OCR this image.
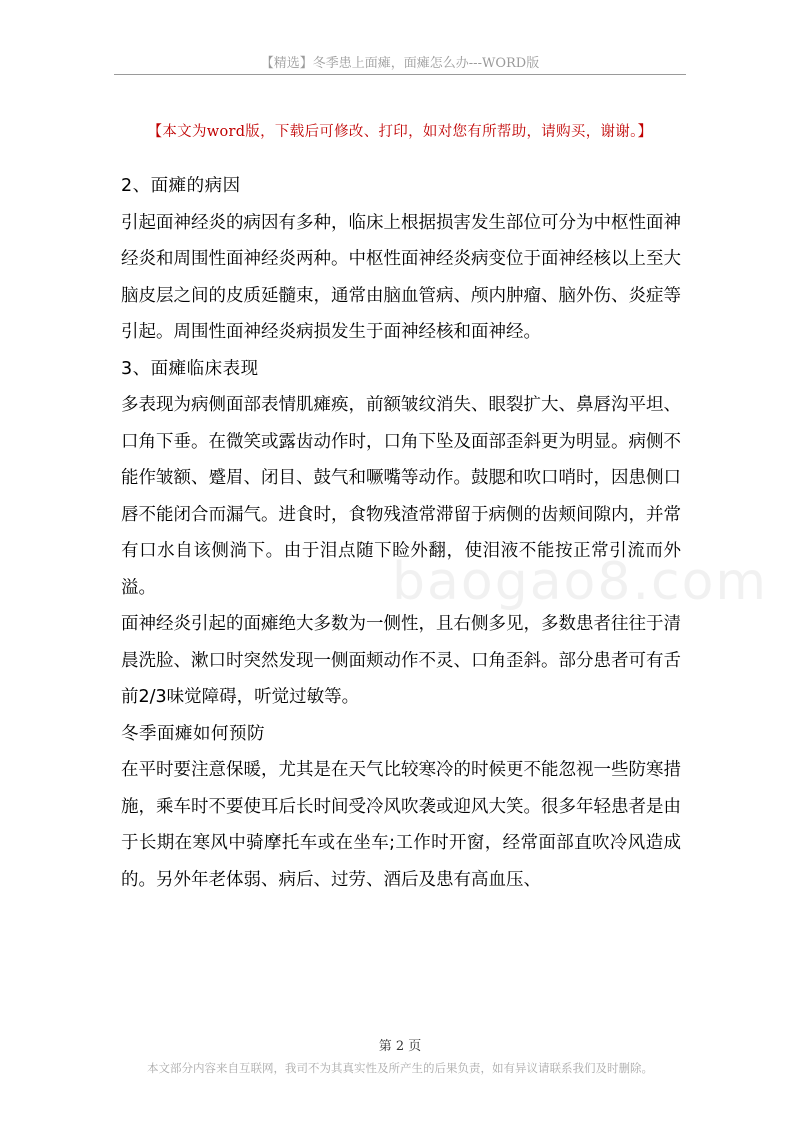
【精选】冬季患上面瘫，面瘫怎么办---WORD版
【本文为word版，下载后可修改、打印，如对您有所帮助，请购买，谢谢。】
baogao8.com

2、面瘫的病因

引起面神经炎的病因有多种，临床上根据损害发生部位可分为中枢性面神经炎和周围性面神经炎两种。中枢性面神经炎病变位于面神经核以上至大脑皮层之间的皮质延髓束，通常由脑血管病、颅内肿瘤、脑外伤、炎症等引起。周围性面神经炎病损发生于面神经核和面神经。

3、面瘫临床表现

多表现为病侧面部表情肌瘫痪，前额皱纹消失、眼裂扩大、鼻唇沟平坦、口角下垂。在微笑或露齿动作时，口角下坠及面部歪斜更为明显。病侧不能作皱额、蹙眉、闭目、鼓气和噘嘴等动作。鼓腮和吹口哨时，因患侧口唇不能闭合而漏气。进食时，食物残渣常滞留于病侧的齿颊间隙内，并常有口水自该侧淌下。由于泪点随下睑外翻，使泪液不能按正常引流而外溢。

面神经炎引起的面瘫绝大多数为一侧性，且右侧多见，多数患者往往于清晨洗脸、漱口时突然发现一侧面颊动作不灵、口角歪斜。部分患者可有舌前2/3味觉障碍，听觉过敏等。

冬季面瘫如何预防

在平时要注意保暖，尤其是在天气比较寒冷的时候更不能忽视一些防寒措施，乘车时不要使耳后长时间受冷风吹袭或迎风大笑。很多年轻患者是由于长期在寒风中骑摩托车或在坐车;工作时开窗，经常面部直吹冷风造成的。另外年老体弱、病后、过劳、酒后及患有高血压、

第 2 页
本文部分内容来自互联网，我司不为其真实性及所产生的后果负责，如有异议请联系我们及时删除。
